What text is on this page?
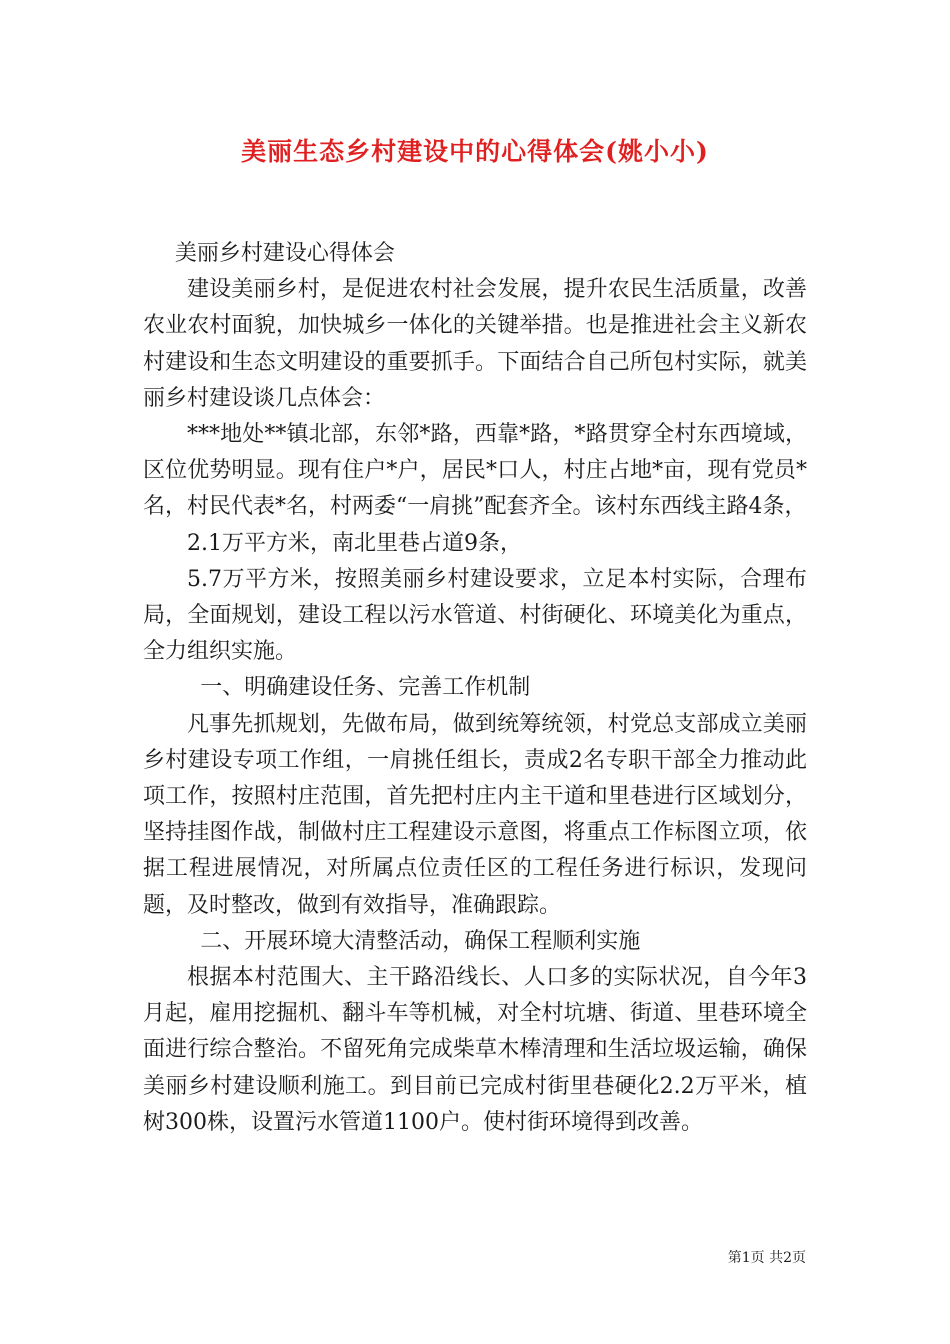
美丽生态乡村建设中的心得体会(姚小小)

美丽乡村建设心得体会

建设美丽乡村，是促进农村社会发展，提升农民生活质量，改善农业农村面貌，加快城乡一体化的关键举措。也是推进社会主义新农村建设和生态文明建设的重要抓手。下面结合自己所包村实际，就美丽乡村建设谈几点体会：

***地处**镇北部，东邻*路，西靠*路，*路贯穿全村东西境域，区位优势明显。现有住户*户，居民*口人，村庄占地*亩，现有党员*名，村民代表*名，村两委“一肩挑”配套齐全。该村东西线主路4条，

2.1万平方米，南北里巷占道9条，

5.7万平方米，按照美丽乡村建设要求，立足本村实际，合理布局，全面规划，建设工程以污水管道、村街硬化、环境美化为重点，全力组织实施。

一、明确建设任务、完善工作机制

凡事先抓规划，先做布局，做到统筹统领，村党总支部成立美丽乡村建设专项工作组，一肩挑任组长，责成2名专职干部全力推动此项工作，按照村庄范围，首先把村庄内主干道和里巷进行区域划分，坚持挂图作战，制做村庄工程建设示意图，将重点工作标图立项，依据工程进展情况，对所属点位责任区的工程任务进行标识，发现问题，及时整改，做到有效指导，准确跟踪。

二、开展环境大清整活动，确保工程顺利实施

根据本村范围大、主干路沿线长、人口多的实际状况，自今年3月起，雇用挖掘机、翻斗车等机械，对全村坑塘、街道、里巷环境全面进行综合整治。不留死角完成柴草木棒清理和生活垃圾运输，确保美丽乡村建设顺利施工。到目前已完成村街里巷硬化2.2万平米，植树300株，设置污水管道1100户。使村街环境得到改善。

第1页 共2页
